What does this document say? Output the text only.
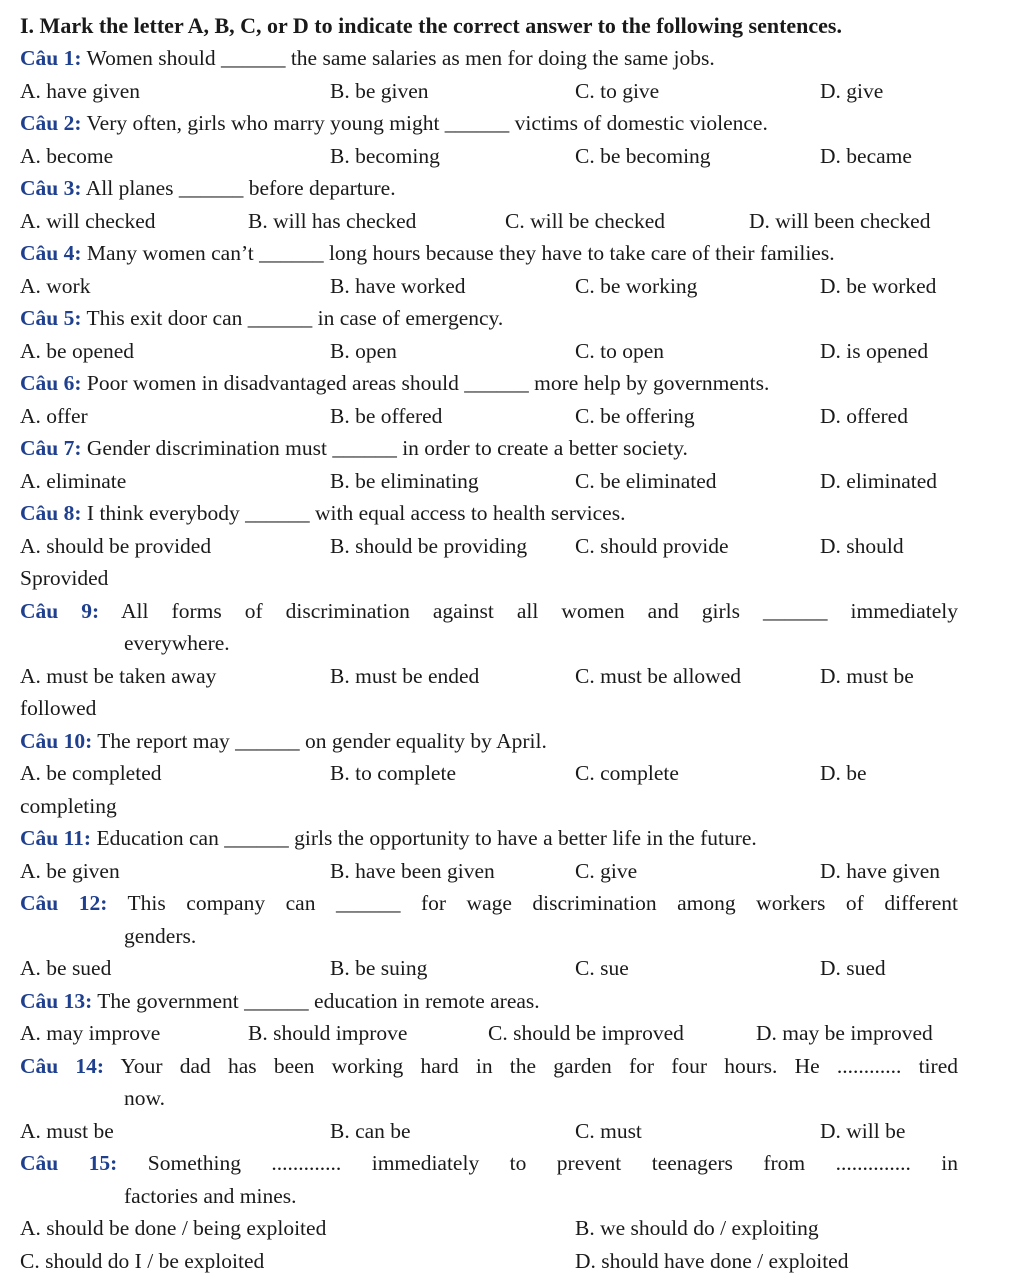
I. Mark the letter A, B, C, or D to indicate the correct answer to the following sentences.

Câu 1: Women should ______ the same salaries as men for doing the same jobs.

A. have given	B. be given	C. to give	D. give

Câu 2: Very often, girls who marry young might ______ victims of domestic violence.

A. become	B. becoming	C. be becoming	D. became

Câu 3: All planes ______ before departure.

A. will checked	B. will has checked	C. will be checked	D. will been checked

Câu 4: Many women can’t ______ long hours because they have to take care of their families.

A. work	B. have worked	C. be working	D. be worked

Câu 5: This exit door can ______ in case of emergency.

A. be opened	B. open	C. to open	D. is opened

Câu 6: Poor women in disadvantaged areas should ______ more help by governments.

A. offer	B. be offered	C. be offering	D. offered

Câu 7: Gender discrimination must ______ in order to create a better society.

A. eliminate	B. be eliminating	C. be eliminated	D. eliminated

Câu 8: I think everybody ______ with equal access to health services.

A. should be provided	B. should be providing C. should provide	D. should
Sprovided

Câu 9: All forms of discrimination against all women and girls ______ immediately

everywhere.
A. must be taken away	B. must be ended	C. must be allowed	D. must be
followed

Câu 10: The report may ______ on gender equality by April.

A. be completed	B. to complete	C. complete	D. be
completing

Câu 11: Education can ______ girls the opportunity to have a better life in the future.

A. be given	B. have been given	C. give	D. have given

Câu 12: This company can ______ for wage discrimination among workers of different

genders.
A. be sued	B. be suing	C. sue	D. sued

Câu 13: The government ______ education in remote areas.

A. may improve	B. should improve	C. should be improved	D. may be improved

Câu 14: Your dad has been working hard in the garden for four hours. He ............ tired

now.
A. must be	B. can be	C. must	D. will be

Câu 15: Something ............. immediately to prevent teenagers from .............. in

factories and mines.
A. should be done / being exploited	B. we should do / exploiting
C. should do I / be exploited	D. should have done / exploited
